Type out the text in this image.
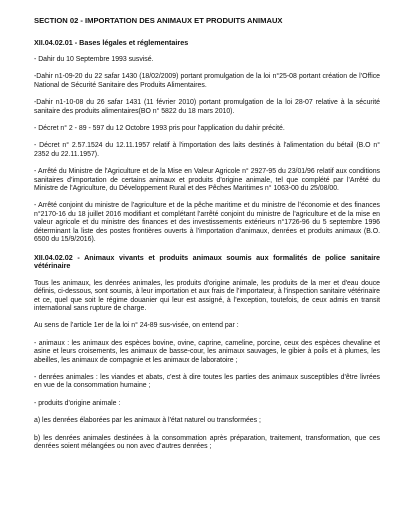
SECTION 02 - IMPORTATION DES ANIMAUX ET PRODUITS ANIMAUX
XII.04.02.01 - Bases légales et réglementaires

- Dahir du 10 Septembre 1993 susvisé.

-Dahir n1-09-20 du 22 safar 1430 (18/02/2009) portant promulgation de la loi n°25-08 portant création de l’Office National de Sécurité Sanitaire des Produits Alimentaires.

-Dahir n1-10-08 du 26 safar 1431 (11 février 2010) portant promulgation de la loi 28-07 relative à la sécurité sanitaire des produits alimentaires(BO n° 5822 du 18 mars 2010).

- Décret n° 2 - 89 - 597 du 12 Octobre 1993 pris pour l'application du dahir précité.

- Décret n° 2.57.1524 du 12.11.1957 relatif à l'importation des laits destinés à l'alimentation du bétail (B.O n° 2352 du 22.11.1957).

- Arrêté du Ministre de l'Agriculture et de la Mise en Valeur Agricole n° 2927-95 du 23/01/96 relatif aux conditions sanitaires d’importation de certains animaux et produits d'origine animale, tel que complété par l’Arrêté du Ministre de l’Agriculture, du Développement Rural et des Pêches Maritimes n° 1063-00 du 25/08/00.

- Arrêté conjoint du ministre de l’agriculture et de la pêche maritime et du ministre de l’économie et des finances n°2170-16 du 18 juillet 2016 modifiant et complétant l’arrêté conjoint du ministre de l’agriculture et de la mise en valeur agricole et du ministre des finances et des investissements extérieurs n°1726-96 du 5 septembre 1996 déterminant la liste des postes frontières ouverts à l’importation d’animaux, denrées et produits animaux (B.O. 6500 du 15/9/2016).

XII.04.02.02 - Animaux vivants et produits animaux soumis aux formalités de police sanitaire vétérinaire

Tous les animaux, les denrées animales, les produits d'origine animale, les produits de la mer et d'eau douce définis, ci-dessous, sont soumis, à leur importation et aux frais de l’importateur, à l’inspection sanitaire vétérinaire et ce, quel que soit le régime douanier qui leur est assigné, à l’exception, toutefois, de ceux admis en transit international sans rupture de charge.

Au sens de l’article 1er de la loi n° 24-89 sus-visée, on entend par :

- animaux : les animaux des espèces bovine, ovine, caprine, cameline, porcine, ceux des espèces chevaline et asine et leurs croisements, les animaux de basse-cour, les animaux sauvages, le gibier à poils et à plumes, les abeilles, les animaux de compagnie et les animaux de laboratoire ;

- denrées animales : les viandes et abats, c'est à dire toutes les parties des animaux susceptibles d'être livrées en vue de la consommation humaine ;

- produits d'origine animale :

a) les denrées élaborées par les animaux à l'état naturel ou transformées ;

b) les denrées animales destinées à la consommation après préparation, traitement, transformation, que ces denrées soient mélangées ou non avec d’autres denrées ;
